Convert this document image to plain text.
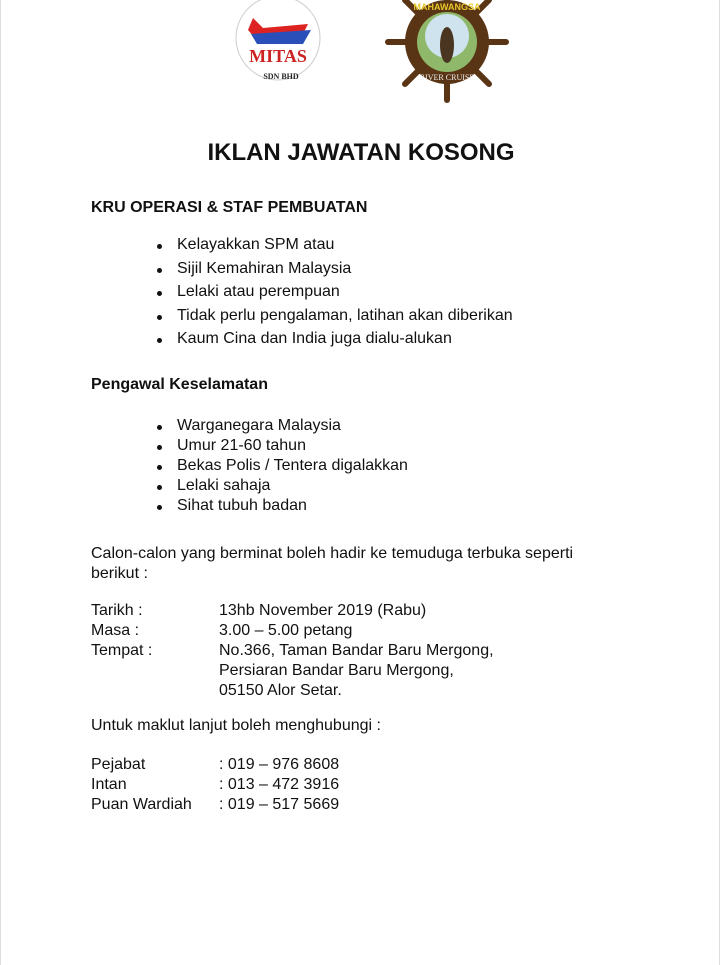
MITAS
SDN BHD
MAHAWANGSA
RIVER CRUISE
IKLAN JAWATAN KOSONG
KRU OPERASI & STAF PEMBUATAN
Kelayakkan SPM atau
Sijil Kemahiran Malaysia
Lelaki atau perempuan
Tidak perlu pengalaman, latihan akan diberikan
Kaum Cina dan India juga dialu-alukan
Pengawal Keselamatan
Warganegara Malaysia
Umur 21-60 tahun
Bekas Polis / Tentera digalakkan
Lelaki sahaja
Sihat tubuh badan
Calon-calon yang berminat boleh hadir ke temuduga terbuka seperti
berikut :
Tarikh :	13hb November 2019 (Rabu)
Masa :	3.00 – 5.00 petang
Tempat :	No.366, Taman Bandar Baru Mergong,
Persiaran Bandar Baru Mergong,
05150 Alor Setar.
Untuk maklut lanjut boleh menghubungi :
Pejabat	: 019 – 976 8608
Intan	: 013 – 472 3916
Puan Wardiah : 019 – 517 5669
